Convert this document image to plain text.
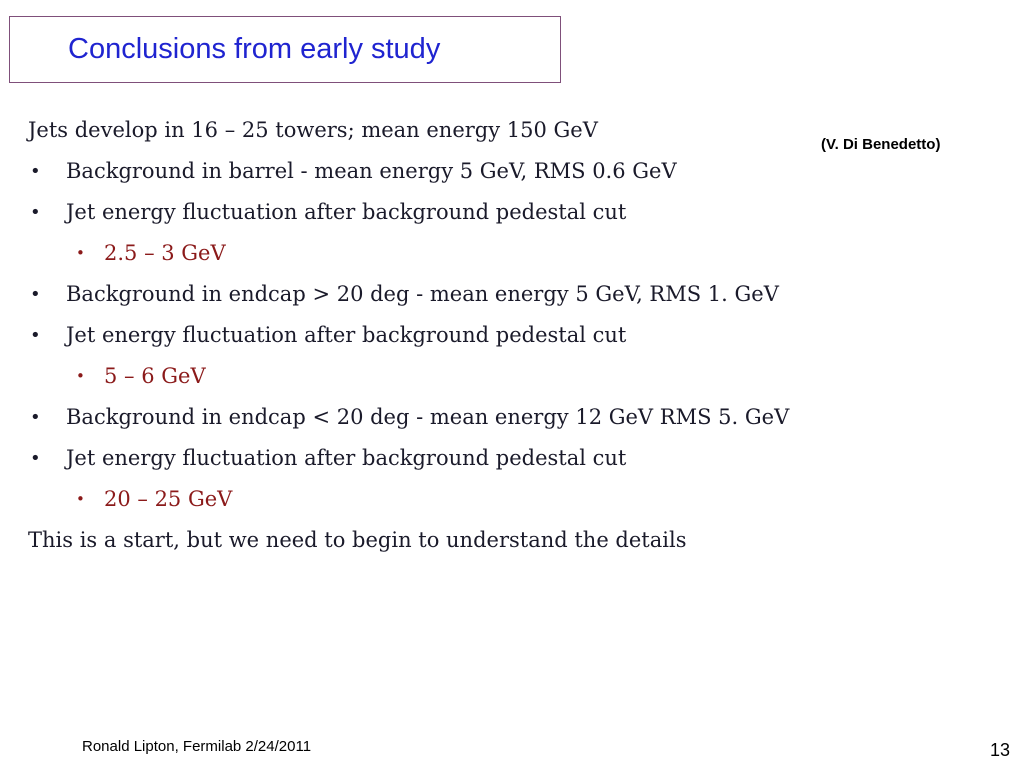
Conclusions from early study
(V. Di Benedetto)
Jets develop in 16 – 25 towers; mean energy 150 GeV
• Background in barrel - mean energy 5 GeV, RMS 0.6 GeV
• Jet energy fluctuation after background pedestal cut
• 2.5 – 3 GeV
• Background in endcap > 20 deg - mean energy 5 GeV, RMS 1. GeV
• Jet energy fluctuation after background pedestal cut
• 5 – 6 GeV
• Background in endcap < 20 deg - mean energy 12 GeV RMS 5. GeV
• Jet energy fluctuation after background pedestal cut
• 20 – 25 GeV
This is a start, but we need to begin to understand the details
Ronald Lipton, Fermilab 2/24/2011	13
